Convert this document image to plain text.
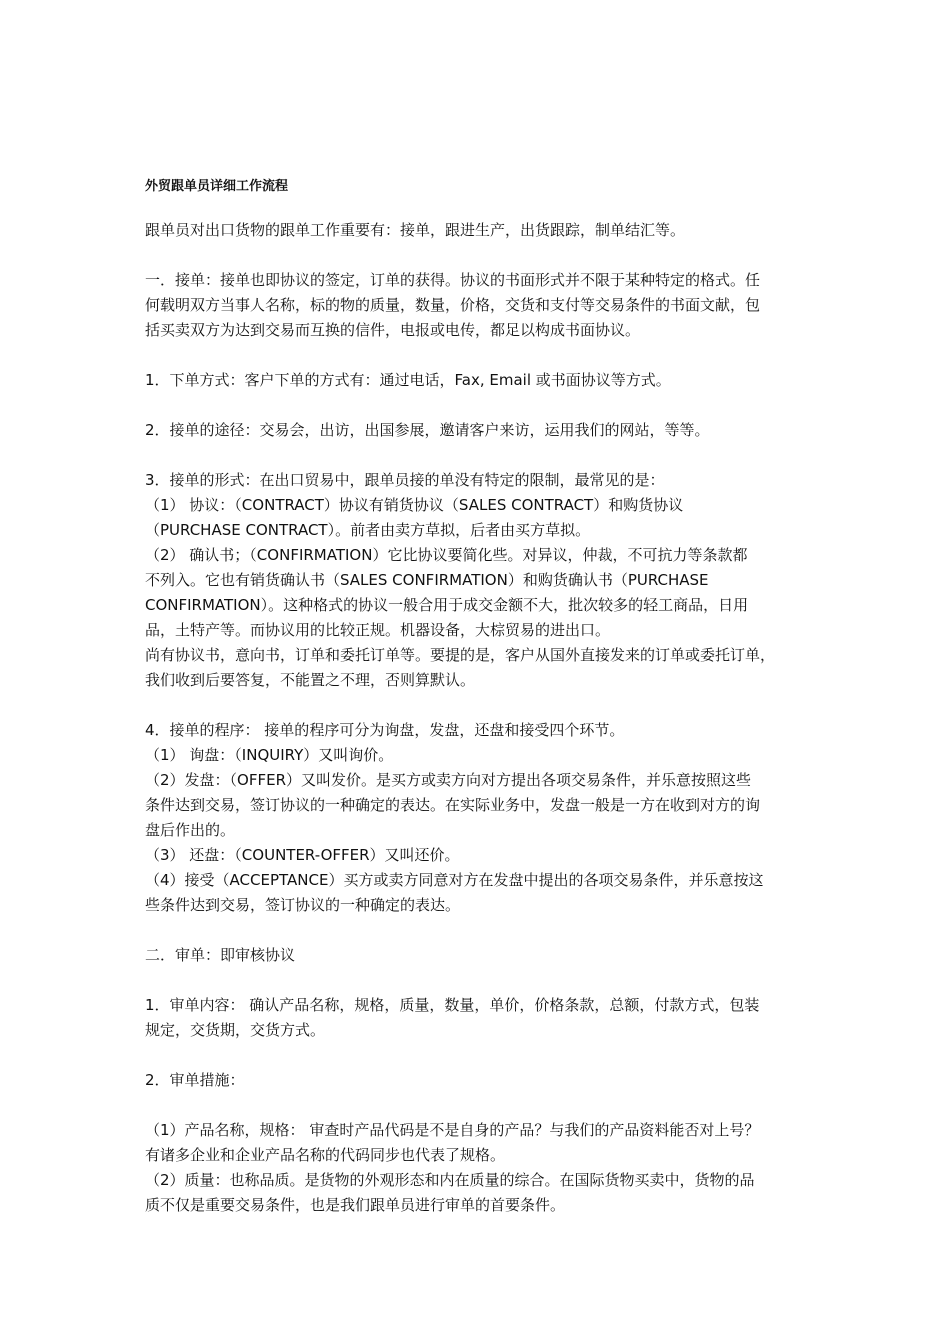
外贸跟单员详细工作流程
跟单员对出口货物的跟单工作重要有：接单，跟进生产，出货跟踪，制单结汇等。
一．接单：接单也即协议的签定，订单的获得。协议的书面形式并不限于某种特定的格式。任
何载明双方当事人名称，标的物的质量，数量，价格，交货和支付等交易条件的书面文献，包
括买卖双方为达到交易而互换的信件，电报或电传，都足以构成书面协议。
1．下单方式：客户下单的方式有：通过电话，Fax, Email 或书面协议等方式。
2．接单的途径：交易会，出访，出国参展，邀请客户来访，运用我们的网站，等等。
3．接单的形式：在出口贸易中，跟单员接的单没有特定的限制，最常见的是：
（1） 协议：（CONTRACT）协议有销货协议（SALES CONTRACT）和购货协议
（PURCHASE CONTRACT）。前者由卖方草拟，后者由买方草拟。
（2） 确认书；（CONFIRMATION）它比协议要简化些。对异议，仲裁，不可抗力等条款都
不列入。它也有销货确认书（SALES CONFIRMATION）和购货确认书（PURCHASE
CONFIRMATION）。这种格式的协议一般合用于成交金额不大，批次较多的轻工商品，日用
品，土特产等。而协议用的比较正规。机器设备，大棕贸易的进出口。
尚有协议书，意向书，订单和委托订单等。要提的是，客户从国外直接发来的订单或委托订单，
我们收到后要答复，不能置之不理，否则算默认。
4．接单的程序： 接单的程序可分为询盘，发盘，还盘和接受四个环节。
（1） 询盘：（INQUIRY）又叫询价。
（2）发盘：（OFFER）又叫发价。是买方或卖方向对方提出各项交易条件，并乐意按照这些
条件达到交易，签订协议的一种确定的表达。在实际业务中，发盘一般是一方在收到对方的询
盘后作出的。
（3） 还盘：（COUNTER-OFFER）又叫还价。
（4）接受（ACCEPTANCE）买方或卖方同意对方在发盘中提出的各项交易条件，并乐意按这
些条件达到交易，签订协议的一种确定的表达。
二．审单：即审核协议
1．审单内容： 确认产品名称，规格，质量，数量，单价，价格条款，总额，付款方式，包装
规定，交货期，交货方式。
2．审单措施：
（1）产品名称，规格： 审查时产品代码是不是自身的产品？与我们的产品资料能否对上号？
有诸多企业和企业产品名称的代码同步也代表了规格。
（2）质量：也称品质。是货物的外观形态和内在质量的综合。在国际货物买卖中，货物的品
质不仅是重要交易条件，也是我们跟单员进行审单的首要条件。
